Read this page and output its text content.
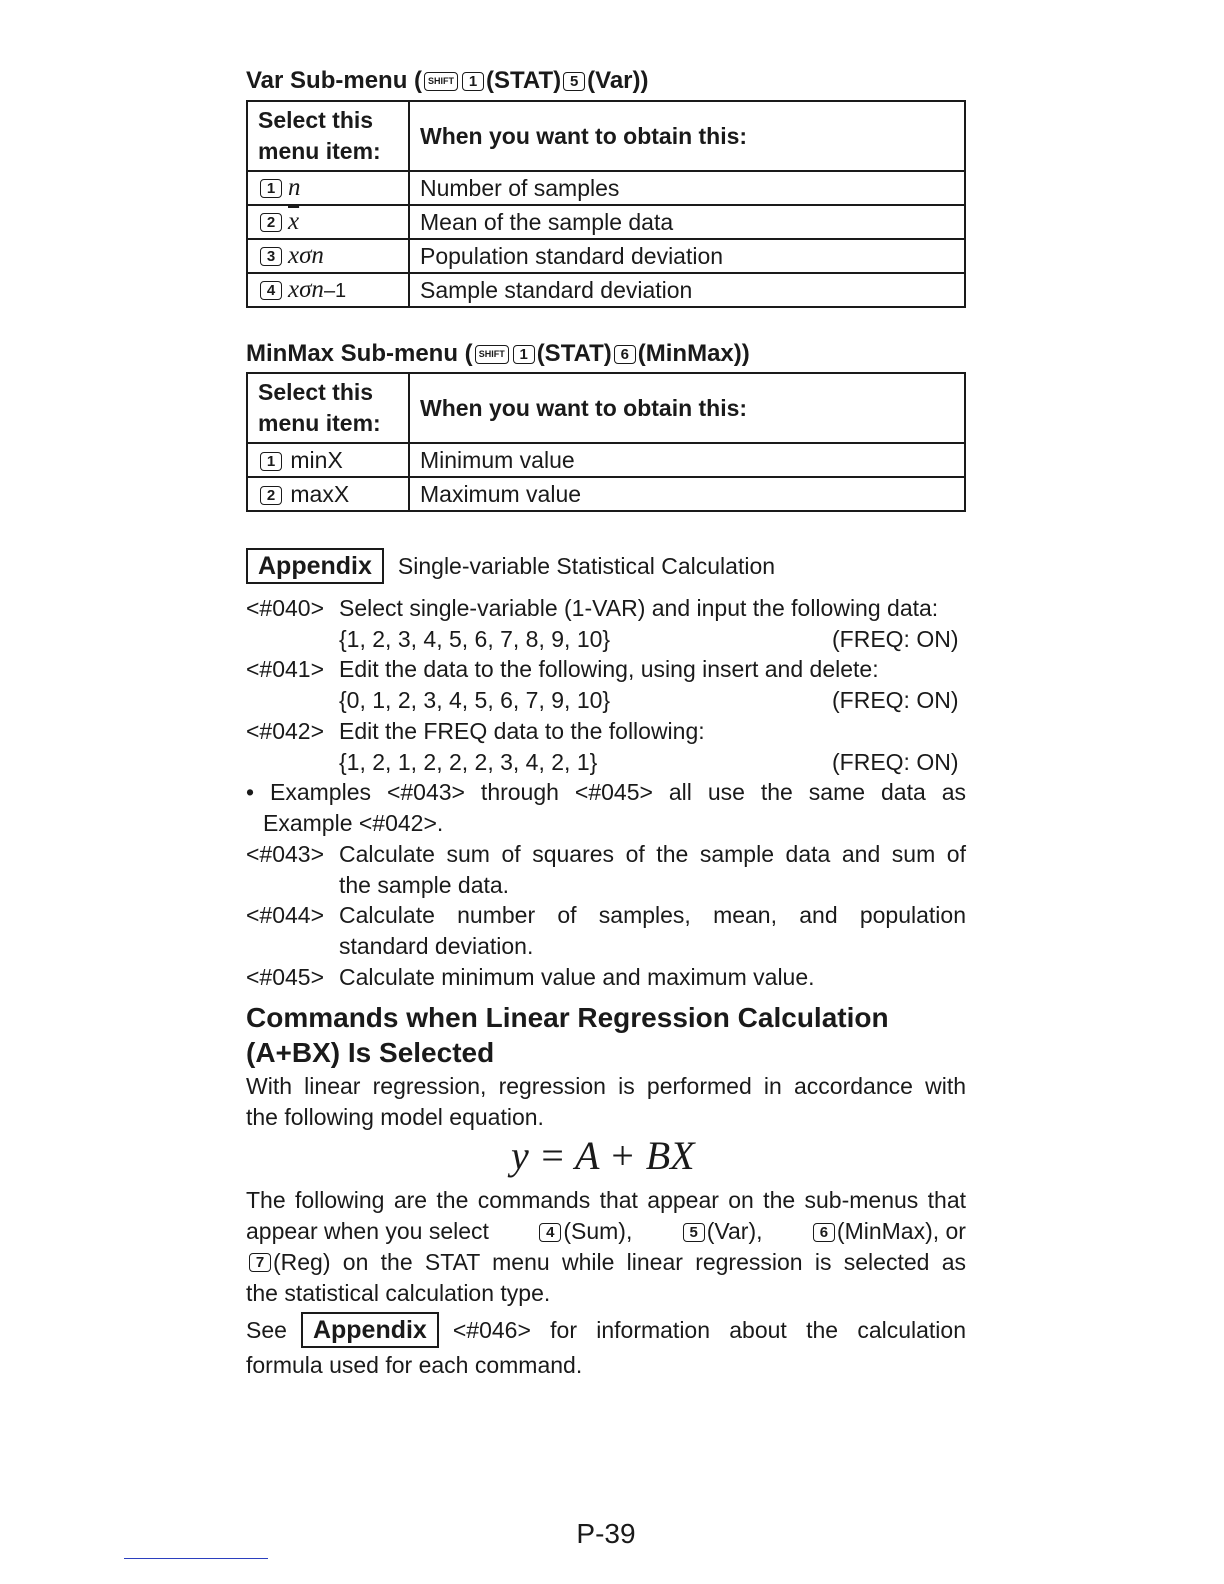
Var Sub-menu ( SHIFT 1 (STAT) 5 (Var))
Select this menu item:	When you want to obtain this:
1 n	Number of samples
2 $\overline{x}$	Mean of the sample data
3 xσn	Population standard deviation
4 xσn–1	Sample standard deviation
MinMax Sub-menu ( SHIFT 1 (STAT) 6 (MinMax))
Select this menu item:	When you want to obtain this:
1 minX	Minimum value
2 maxX	Maximum value
Appendix	Single-variable Statistical Calculation
<#040> Select single-variable (1-VAR) and input the following data:
{1, 2, 3, 4, 5, 6, 7, 8, 9, 10}	(FREQ: ON)
<#041> Edit the data to the following, using insert and delete:
{0, 1, 2, 3, 4, 5, 6, 7, 9, 10}	(FREQ: ON)
<#042> Edit the FREQ data to the following:
{1, 2, 1, 2, 2, 2, 3, 4, 2, 1}	(FREQ: ON)
• Examples <#043> through <#045> all use the same data as
Example <#042>.
<#043> Calculate sum of squares of the sample data and sum of
the sample data.
<#044> Calculate number of samples, mean, and population
standard deviation.
<#045> Calculate minimum value and maximum value.
Commands when Linear Regression Calculation
(A+BX) Is Selected
With linear regression, regression is performed in accordance with
the following model equation.
y = A + BX
The following are the commands that appear on the sub-menus that
appear when you select	4 (Sum),	5 (Var),	6 (MinMax), or
7 (Reg) on the STAT menu while linear regression is selected as
the statistical calculation type.
See	Appendix	<#046> for information about the calculation
formula used for each command.
P-39
